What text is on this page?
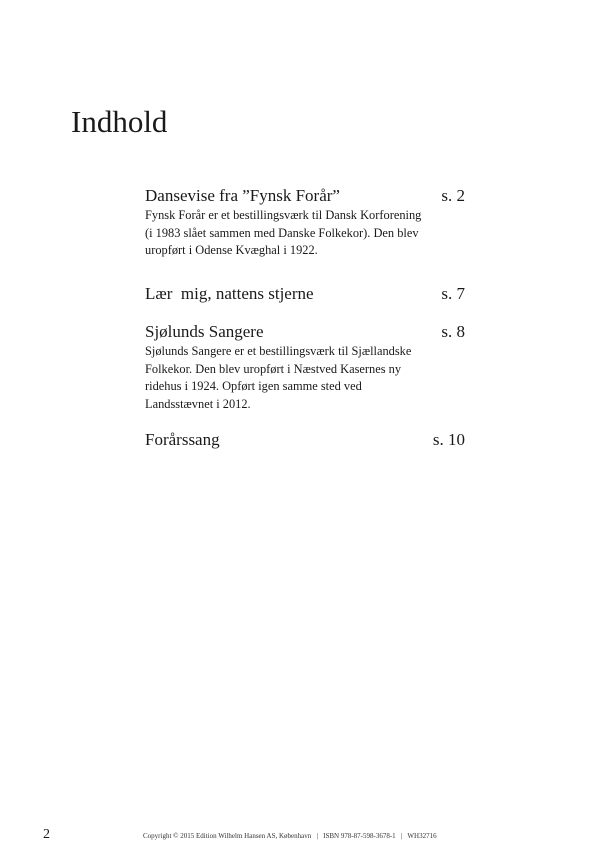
Indhold
Dansevise fra ”Fynsk Forår”	s. 2
Fynsk Forår er et bestillingsværk til Dansk Korforening
(i 1983 slået sammen med Danske Folkekor). Den blev
uropført i Odense Kvæghal i 1922.
Lær  mig, nattens stjerne	s. 7
Sjølunds Sangere	s. 8
Sjølunds Sangere er et bestillingsværk til Sjællandske
Folkekor. Den blev uropført i Næstved Kasernes ny
ridehus i 1924. Opført igen samme sted ved
Landsstævnet i 2012.
Forårssang	s. 10
2	Copyright © 2015 Edition Wilhelm Hansen AS, København   |   ISBN 978-87-598-3678-1   |   WH32716
